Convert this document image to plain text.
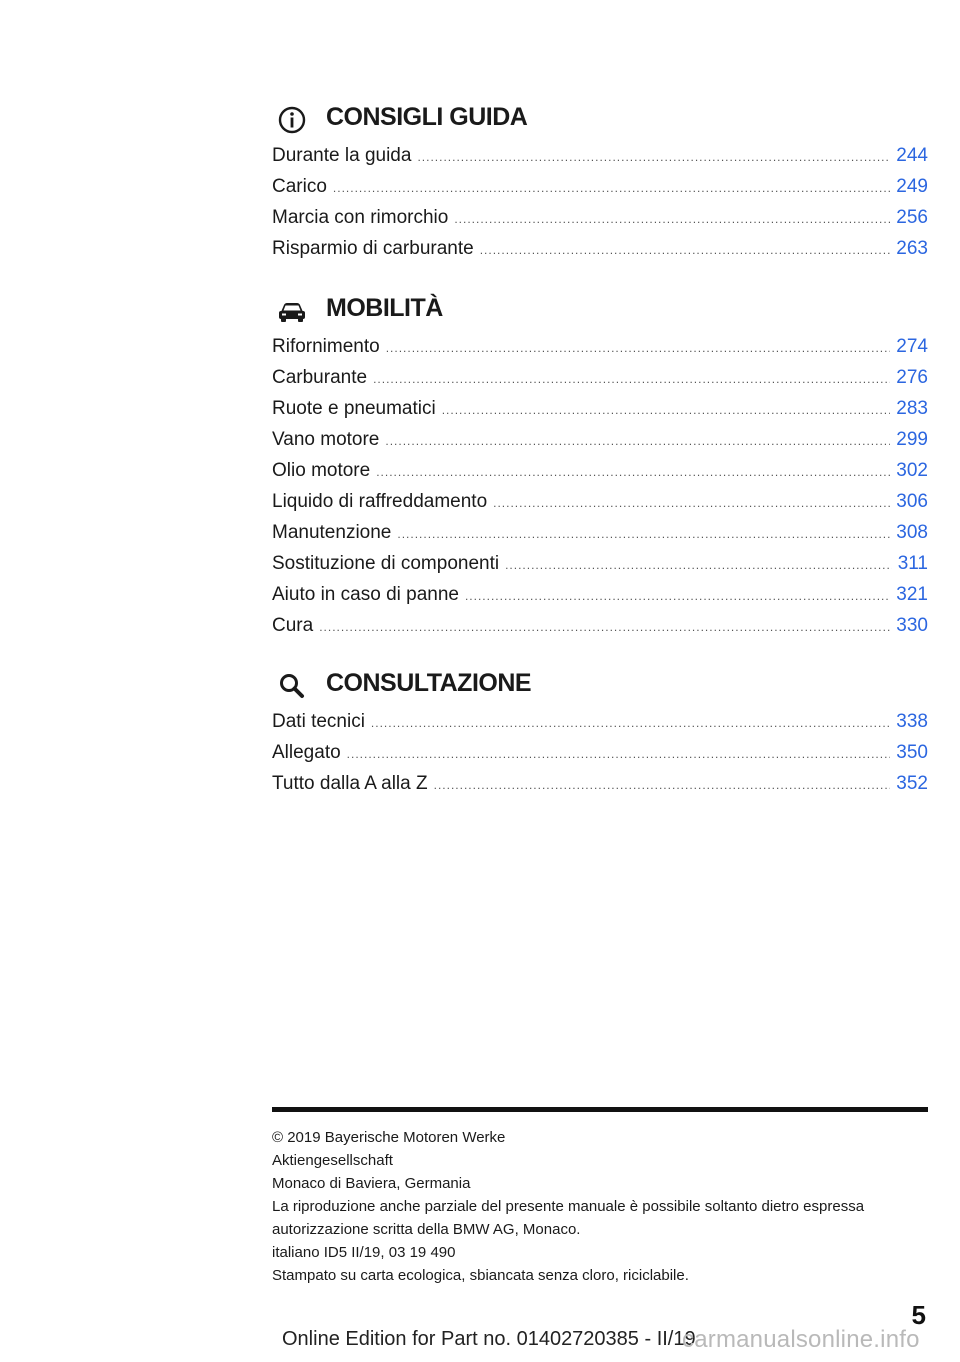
CONSIGLI GUIDA
Durante la guida .....	244
Carico .....	249
Marcia con rimorchio .....	256
Risparmio di carburante .....	263
MOBILITÀ
Rifornimento .....	274
Carburante .....	276
Ruote e pneumatici .....	283
Vano motore .....	299
Olio motore .....	302
Liquido di raffreddamento .....	306
Manutenzione .....	308
Sostituzione di componenti .....	311
Aiuto in caso di panne .....	321
Cura .....	330
CONSULTAZIONE
Dati tecnici .....	338
Allegato .....	350
Tutto dalla A alla Z .....	352
© 2019 Bayerische Motoren Werke
Aktiengesellschaft
Monaco di Baviera, Germania
La riproduzione anche parziale del presente manuale è possibile soltanto dietro espressa
autorizzazione scritta della BMW AG, Monaco.
italiano ID5 II/19, 03 19 490
Stampato su carta ecologica, sbiancata senza cloro, riciclabile.
5
Online Edition for Part no. 01402720385 - II/19
carmanualsonline.info
